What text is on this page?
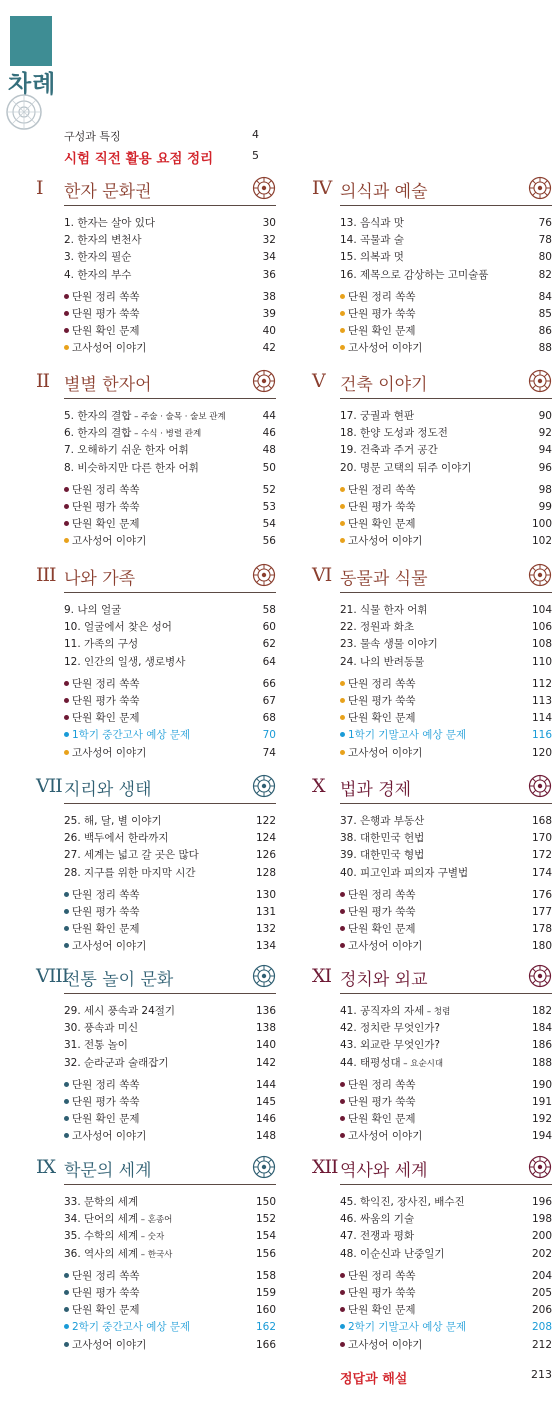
차례
구성과 특징	4
시험 직전 활용 요점 정리	5
I 한자 문화권
1. 한자는 살아 있다	30
2. 한자의 변천사	32
3. 한자의 필순	34
4. 한자의 부수	36
단원 정리 쏙쏙	38
단원 평가 쑥쑥	39
단원 확인 문제	40
고사성어 이야기	42
IV 의식과 예술
13. 음식과 맛	76
14. 곡물과 술	78
15. 의복과 멋	80
16. 제목으로 감상하는 고미술품	82
단원 정리 쏙쏙	84
단원 평가 쑥쑥	85
단원 확인 문제	86
고사성어 이야기	88
II 별별 한자어
5. 한자의 결합 – 주술 · 술목 · 술보 관계	44
6. 한자의 결합 – 수식 · 병렬 관계	46
7. 오해하기 쉬운 한자 어휘	48
8. 비슷하지만 다른 한자 어휘	50
단원 정리 쏙쏙	52
단원 평가 쑥쑥	53
단원 확인 문제	54
고사성어 이야기	56
V 건축 이야기
17. 궁궐과 현판	90
18. 한양 도성과 정도전	92
19. 건축과 주거 공간	94
20. 명문 고택의 뒤주 이야기	96
단원 정리 쏙쏙	98
단원 평가 쑥쑥	99
단원 확인 문제	100
고사성어 이야기	102
III 나와 가족
9. 나의 얼굴	58
10. 얼굴에서 찾은 성어	60
11. 가족의 구성	62
12. 인간의 일생, 생로병사	64
단원 정리 쏙쏙	66
단원 평가 쑥쑥	67
단원 확인 문제	68
1학기 중간고사 예상 문제	70
고사성어 이야기	74
VI 동물과 식물
21. 식물 한자 어휘	104
22. 정원과 화초	106
23. 물속 생물 이야기	108
24. 나의 반려동물	110
단원 정리 쏙쏙	112
단원 평가 쑥쑥	113
단원 확인 문제	114
1학기 기말고사 예상 문제	116
고사성어 이야기	120
VII 지리와 생태
25. 해, 달, 별 이야기	122
26. 백두에서 한라까지	124
27. 세계는 넓고 갈 곳은 많다	126
28. 지구를 위한 마지막 시간	128
단원 정리 쏙쏙	130
단원 평가 쑥쑥	131
단원 확인 문제	132
고사성어 이야기	134
X 법과 경제
37. 은행과 부동산	168
38. 대한민국 헌법	170
39. 대한민국 형법	172
40. 피고인과 피의자 구별법	174
단원 정리 쏙쏙	176
단원 평가 쑥쑥	177
단원 확인 문제	178
고사성어 이야기	180
VIII
전통 놀이 문화
29. 세시 풍속과 24절기	136
30. 풍속과 미신	138
31. 전통 놀이	140
32. 순라군과 술래잡기	142
단원 정리 쏙쏙	144
단원 평가 쑥쑥	145
단원 확인 문제	146
고사성어 이야기	148
XI 정치와 외교
41. 공직자의 자세 – 청렴	182
42. 정치란 무엇인가?	184
43. 외교란 무엇인가?	186
44. 태평성대 – 요순시대	188
단원 정리 쏙쏙	190
단원 평가 쑥쑥	191
단원 확인 문제	192
고사성어 이야기	194
IX 학문의 세계
33. 문학의 세계	150
34. 단어의 세계 – 혼종어	152
35. 수학의 세계 – 숫자	154
36. 역사의 세계 – 한국사	156
단원 정리 쏙쏙	158
단원 평가 쑥쑥	159
단원 확인 문제	160
2학기 중간고사 예상 문제	162
고사성어 이야기	166
XII 역사와 세계
45. 학익진, 장사진, 배수진	196
46. 싸움의 기술	198
47. 전쟁과 평화	200
48. 이순신과 난중일기	202
단원 정리 쏙쏙	204
단원 평가 쑥쑥	205
단원 확인 문제	206
2학기 기말고사 예상 문제	208
고사성어 이야기	212
정답과 해설	213
